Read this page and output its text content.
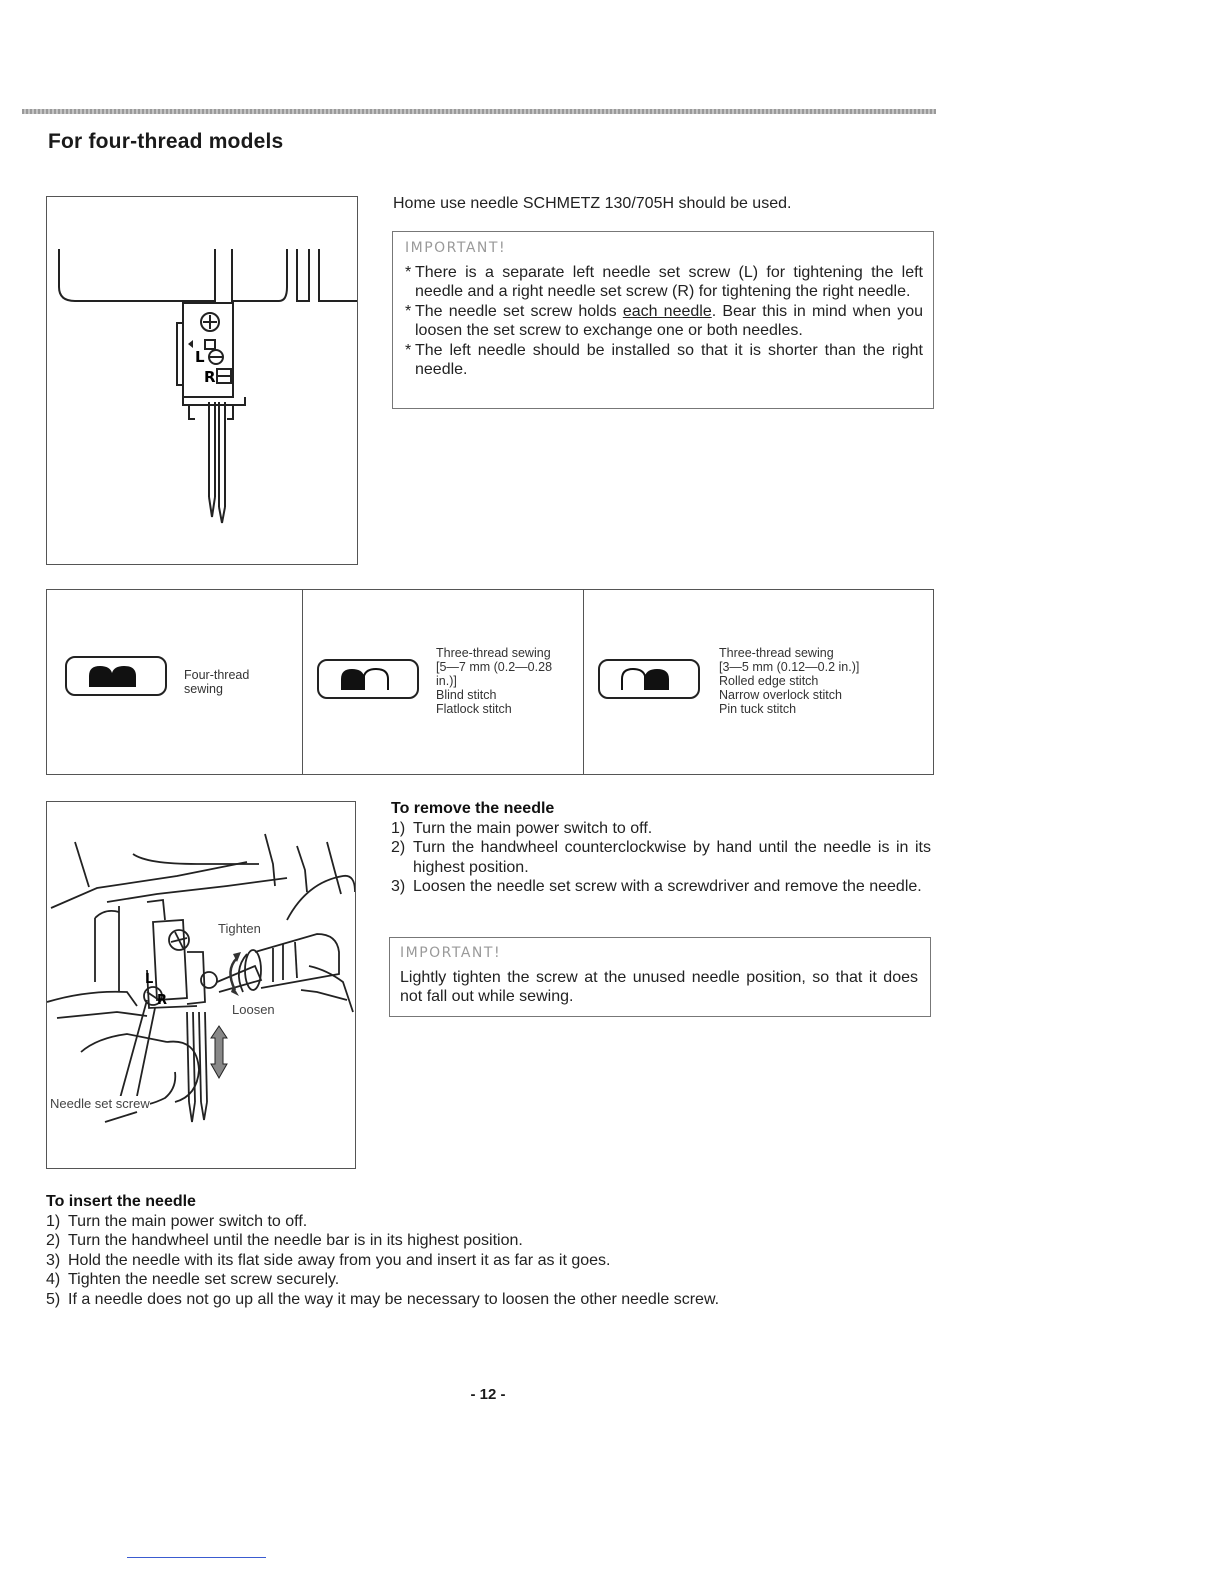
For four-thread models
L
R
Home use needle SCHMETZ 130/705H should be used.
IMPORTANT!
* There is a separate left needle set screw (L) for tightening the left needle and a right needle set screw (R) for tightening the right needle.
* The needle set screw holds each needle. Bear this in mind when you loosen the set screw to exchange one or both needles.
* The left needle should be installed so that it is shorter than the right needle.
Four-thread
sewing
Three-thread sewing
[5—7 mm (0.2—0.28
in.)]
Blind stitch
Flatlock stitch
Three-thread sewing
[3—5 mm (0.12—0.2 in.)]
Rolled edge stitch
Narrow overlock stitch
Pin tuck stitch
L
R
Tighten
Loosen
Needle set screw
To remove the needle
1) Turn the main power switch to off.
2) Turn the handwheel counterclockwise by hand until the needle is in its highest position.
3) Loosen the needle set screw with a screwdriver and remove the needle.
IMPORTANT!
Lightly tighten the screw at the unused needle position, so that it does not fall out while sewing.
To insert the needle
1) Turn the main power switch to off.
2) Turn the handwheel until the needle bar is in its highest position.
3) Hold the needle with its flat side away from you and insert it as far as it goes.
4) Tighten the needle set screw securely.
5) If a needle does not go up all the way it may be necessary to loosen the other needle screw.
- 12 -
